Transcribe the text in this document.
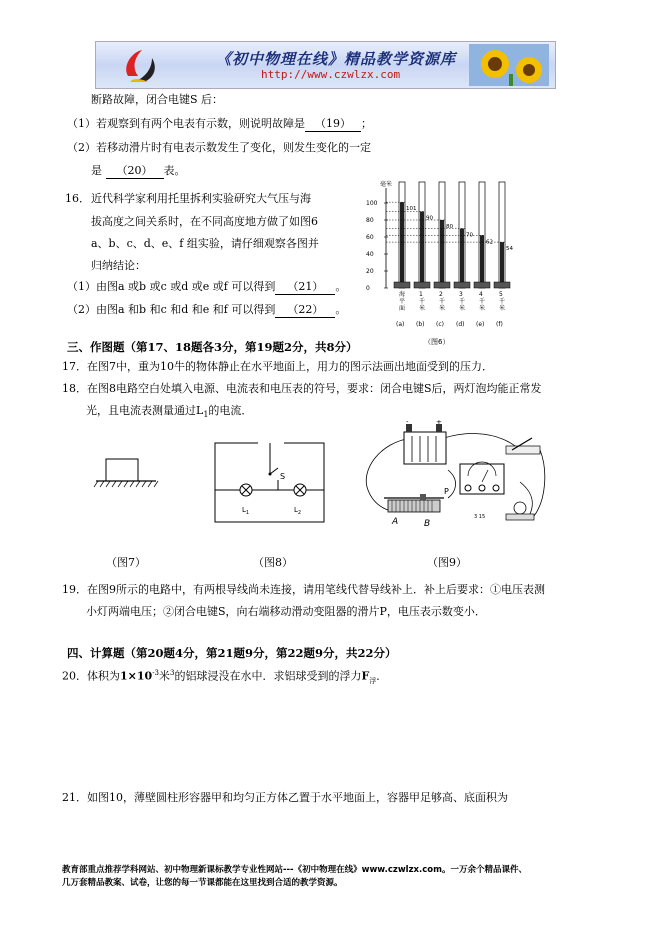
《初中物理在线》精品教学资源库
http://www.czwlzx.com
断路故障，闭合电键S 后：
（1）若观察到有两个电表有示数，则说明故障是 （19） ；
（2）若移动滑片时有电表示数发生了变化，则发生变化的一定
是 （20） 表。
16． 近代科学家利用托里拆利实验研究大气压与海
拔高度之间关系时，在不同高度地方做了如图6
a、b、c、d、e、f 组实验，请仔细观察各图并
归纳结论：
（1）由图a 或b 或c 或d 或e 或f 可以得到 （21） 。
（2）由图a 和b 和c 和d 和e 和f 可以得到 （22） 。
毫米
100
80
60
40
20
0
101
海平面
(a)
90
1 千米
(b)
80
2 千米
(c)
70
3 千米
(d)
62
4 千米
(e)
54
5 千米
(f)
（图6）
三、作图题（第17、18题各3分，第19题2分，共8分）
17．在图7中，重为10牛的物体静止在水平地面上，用力的图示法画出地面受到的压力．
18．在图8电路空白处填入电源、电流表和电压表的符号，要求：闭合电键S后，两灯泡均能正常发
光，且电流表测量通过$L_1$的电流．
（图7）
S
$L_1$	$L_2$
（图8）
-	+
3 15
A	B
P
（图9）
19．在图9所示的电路中，有两根导线尚未连接，请用笔线代替导线补上．补上后要求：①电压表测
小灯两端电压；②闭合电键S，向右端移动滑动变阻器的滑片P，电压表示数变小．
四、计算题（第20题4分，第21题9分，第22题9分，共22分）
20．体积为$1\times 10^{-3}$米$^3$的铝球浸没在水中．求铝球受到的浮力$F_浮$．
21．如图10，薄壁圆柱形容器甲和均匀正方体乙置于水平地面上，容器甲足够高、底面积为
教育部重点推荐学科网站、初中物理新课标教学专业性网站---《初中物理在线》www.czwlzx.com。一万余个精品课件、
几万套精品教案、试卷，让您的每一节课都能在这里找到合适的教学资源。
